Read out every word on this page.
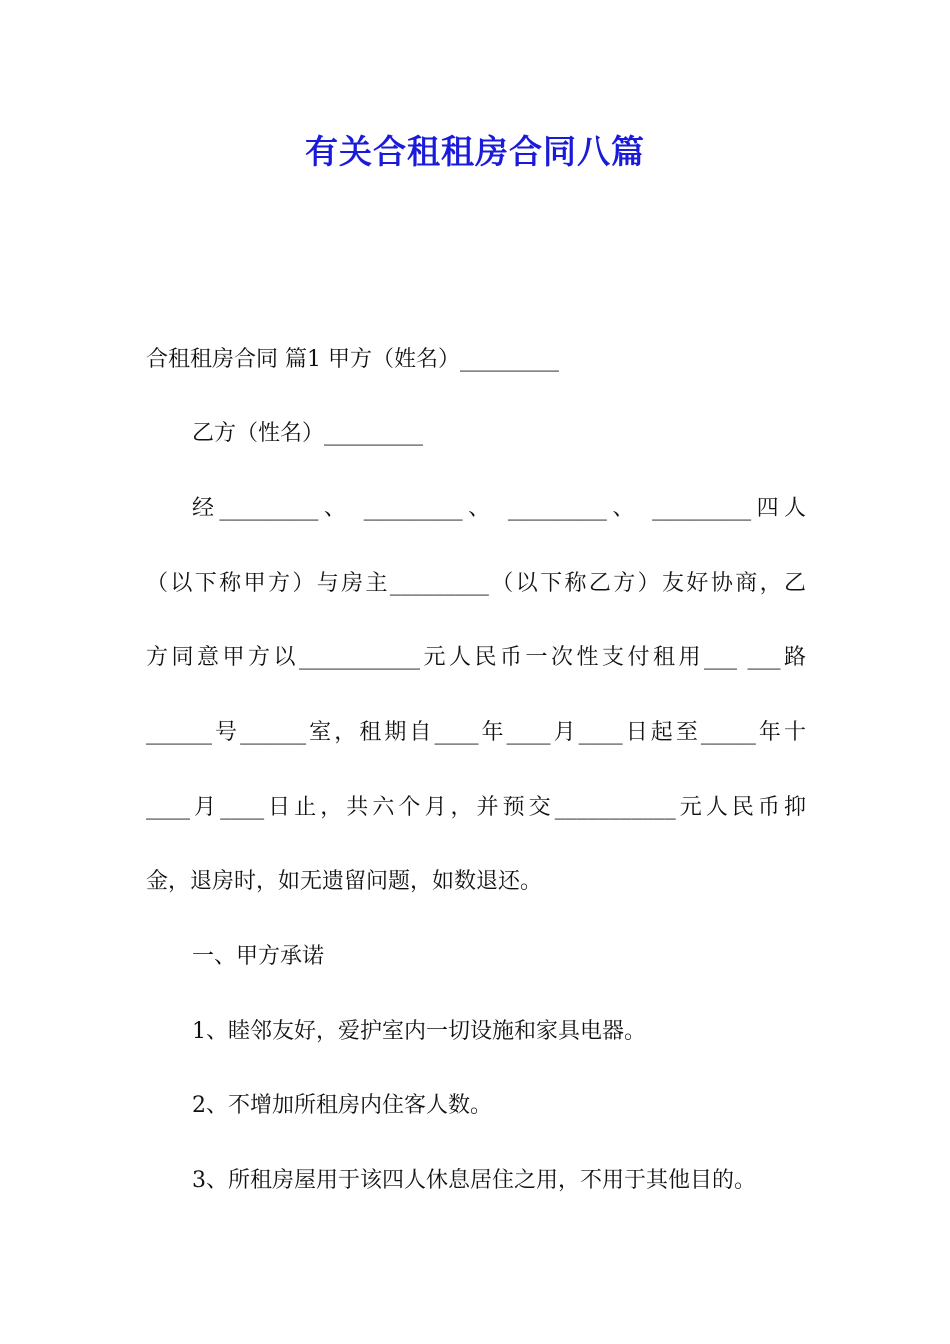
有关合租租房合同八篇
合租租房合同 篇1 甲方（姓名）_________
乙方（性名）_________
经_________、 _________、 _________、 _________四人
（以下称甲方）与房主_________（以下称乙方）友好协商，乙
方同意甲方以___________元人民币一次性支付租用___ ___路
______号______室，租期自____年____月____日起至_____年十
____月____日止，共六个月，并预交___________元人民币抑
金，退房时，如无遗留问题，如数退还。
一、甲方承诺
1、睦邻友好，爱护室内一切设施和家具电器。
2、不增加所租房内住客人数。
3、所租房屋用于该四人休息居住之用，不用于其他目的。
